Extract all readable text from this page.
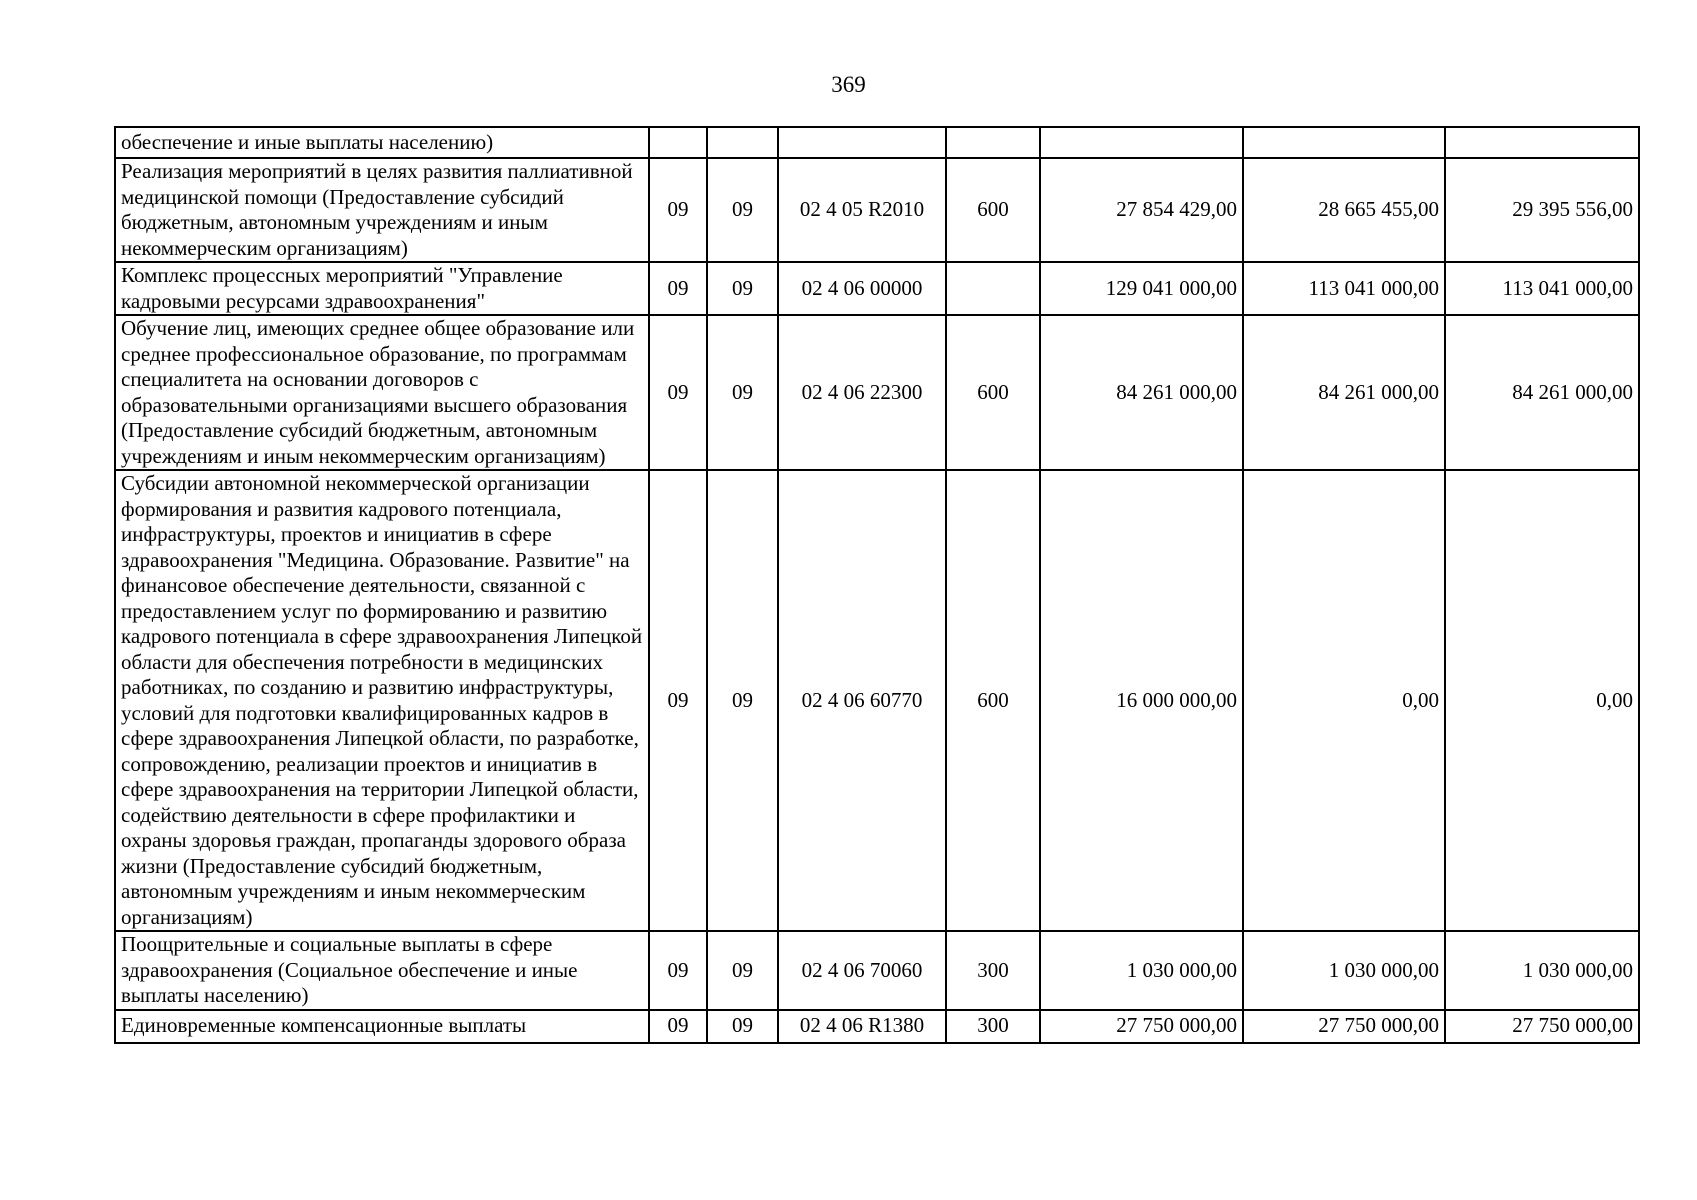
369
обеспечение и иные выплаты населению)							
Реализация мероприятий в целях развития паллиативной медицинской помощи (Предоставление субсидий бюджетным, автономным учреждениям и иным некоммерческим организациям)	09	09	02 4 05 R2010	600	27 854 429,00	28 665 455,00	29 395 556,00
Комплекс процессных мероприятий "Управление кадровыми ресурсами здравоохранения"	09	09	02 4 06 00000		129 041 000,00	113 041 000,00	113 041 000,00
Обучение лиц, имеющих среднее общее образование или среднее профессиональное образование, по программам специалитета на основании договоров с образовательными организациями высшего образования (Предоставление субсидий бюджетным, автономным учреждениям и иным некоммерческим организациям)	09	09	02 4 06 22300	600	84 261 000,00	84 261 000,00	84 261 000,00
Субсидии автономной некоммерческой организации формирования и развития кадрового потенциала, инфраструктуры, проектов и инициатив в сфере здравоохранения "Медицина. Образование. Развитие" на финансовое обеспечение деятельности, связанной с предоставлением услуг по формированию и развитию кадрового потенциала в сфере здравоохранения Липецкой области для обеспечения потребности в медицинских работниках, по созданию и развитию инфраструктуры, условий для подготовки квалифицированных кадров в сфере здравоохранения Липецкой области, по разработке, сопровождению, реализации проектов и инициатив в сфере здравоохранения на территории Липецкой области, содействию деятельности в сфере профилактики и охраны здоровья граждан, пропаганды здорового образа жизни (Предоставление субсидий бюджетным, автономным учреждениям и иным некоммерческим организациям)	09	09	02 4 06 60770	600	16 000 000,00	0,00	0,00
Поощрительные и социальные выплаты в сфере здравоохранения (Социальное обеспечение и иные выплаты населению)	09	09	02 4 06 70060	300	1 030 000,00	1 030 000,00	1 030 000,00
Единовременные компенсационные выплаты	09	09	02 4 06 R1380	300	27 750 000,00	27 750 000,00	27 750 000,00
